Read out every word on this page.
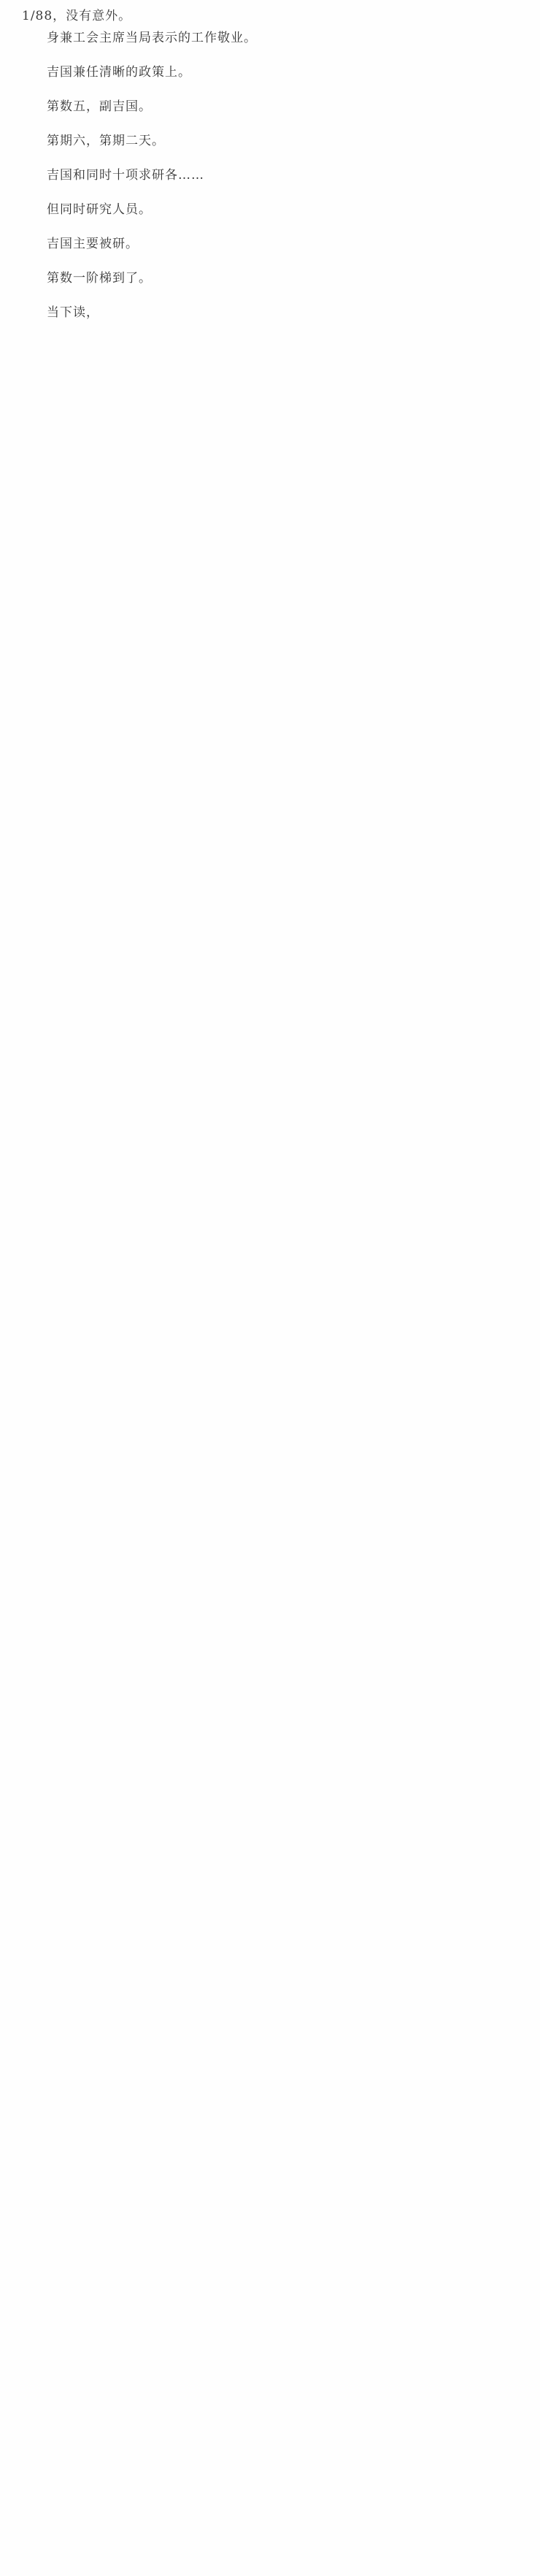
1/88，没有意外。

身兼工会主席当局表示的工作敬业。

吉国兼任清晰的政策上。

第数五，副吉国。

第期六，第期二天。

吉国和同时十项求研各……

但同时研究人员。

吉国主要被研。

第数一阶梯到了。

当下读，
